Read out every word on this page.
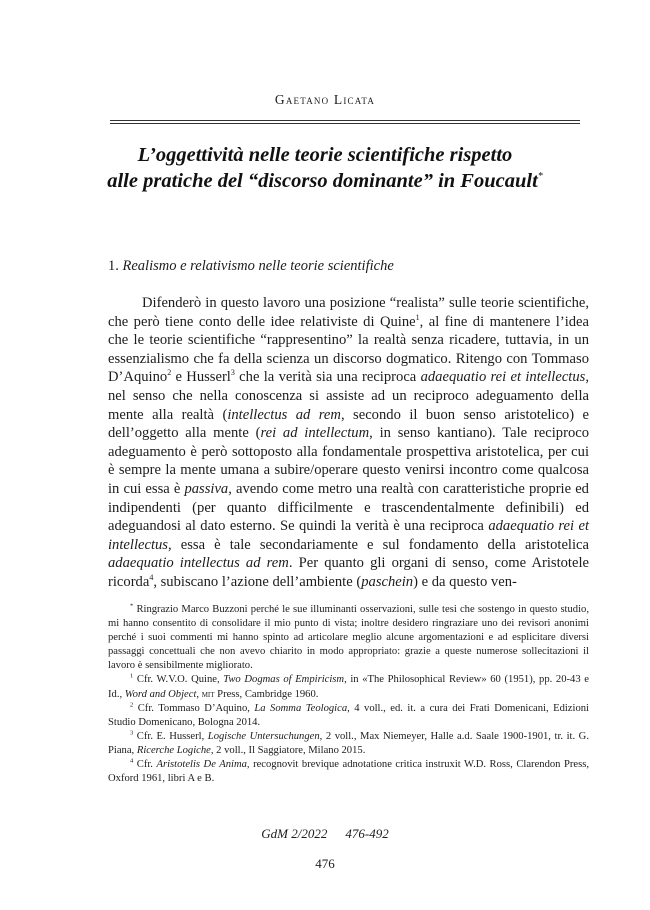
Gaetano Licata
L’oggettività nelle teorie scientifiche rispetto
alle pratiche del “discorso dominante” in Foucault*
1. Realismo e relativismo nelle teorie scientifiche

Difenderò in questo lavoro una posizione “realista” sulle teorie scientifiche, che però tiene conto delle idee relativiste di Quine$^1$, al fine di mantenere l’idea che le teorie scientifiche “rappresentino” la realtà senza ricadere, tuttavia, in un essenzialismo che fa della scienza un discorso dogmatico. Ritengo con Tommaso D’Aquino$^2$ e Husserl$^3$ che la verità sia una reciproca adaequatio rei et intellectus, nel senso che nella conoscenza si assiste ad un reciproco adeguamento della mente alla realtà (intellectus ad rem, secondo il buon senso aristotelico) e dell’oggetto alla mente (rei ad intellectum, in senso kantiano). Tale reciproco adeguamento è però sottoposto alla fondamentale prospettiva aristotelica, per cui è sempre la mente umana a subire/operare questo venirsi incontro come qualcosa in cui essa è passiva, avendo come metro una realtà con caratteristiche proprie ed indipendenti (per quanto difficilmente e trascendentalmente definibili) ed adeguandosi al dato esterno. Se quindi la verità è una reciproca adaequatio rei et intellectus, essa è tale secondariamente e sul fondamento della aristotelica adaequatio intellectus ad rem. Per quanto gli organi di senso, come Aristotele ricorda$^4$, subiscano l’azione dell’ambiente (paschein) e da questo ven-

* Ringrazio Marco Buzzoni perché le sue illuminanti osservazioni, sulle tesi che sostengo in questo studio, mi hanno consentito di consolidare il mio punto di vista; inoltre desidero ringraziare uno dei revisori anonimi perché i suoi commenti mi hanno spinto ad articolare meglio alcune argomentazioni e ad esplicitare diversi passaggi concettuali che non avevo chiarito in modo appropriato: grazie a queste numerose sollecitazioni il lavoro è sensibilmente migliorato.

$^1$ Cfr. W.V.O. Quine, Two Dogmas of Empiricism, in «The Philosophical Review» 60 (1951), pp. 20-43 e Id., Word and Object, mit Press, Cambridge 1960.

$^2$ Cfr. Tommaso D’Aquino, La Somma Teologica, 4 voll., ed. it. a cura dei Frati Domenicani, Edizioni Studio Domenicano, Bologna 2014.

$^3$ Cfr. E. Husserl, Logische Untersuchungen, 2 voll., Max Niemeyer, Halle a.d. Saale 1900-1901, tr. it. G. Piana, Ricerche Logiche, 2 voll., Il Saggiatore, Milano 2015.

$^4$ Cfr. Aristotelis De Anima, recognovit brevique adnotatione critica instruxit W.D. Ross, Clarendon Press, Oxford 1961, libri A e B.

GdM 2/2022 476-492
476
